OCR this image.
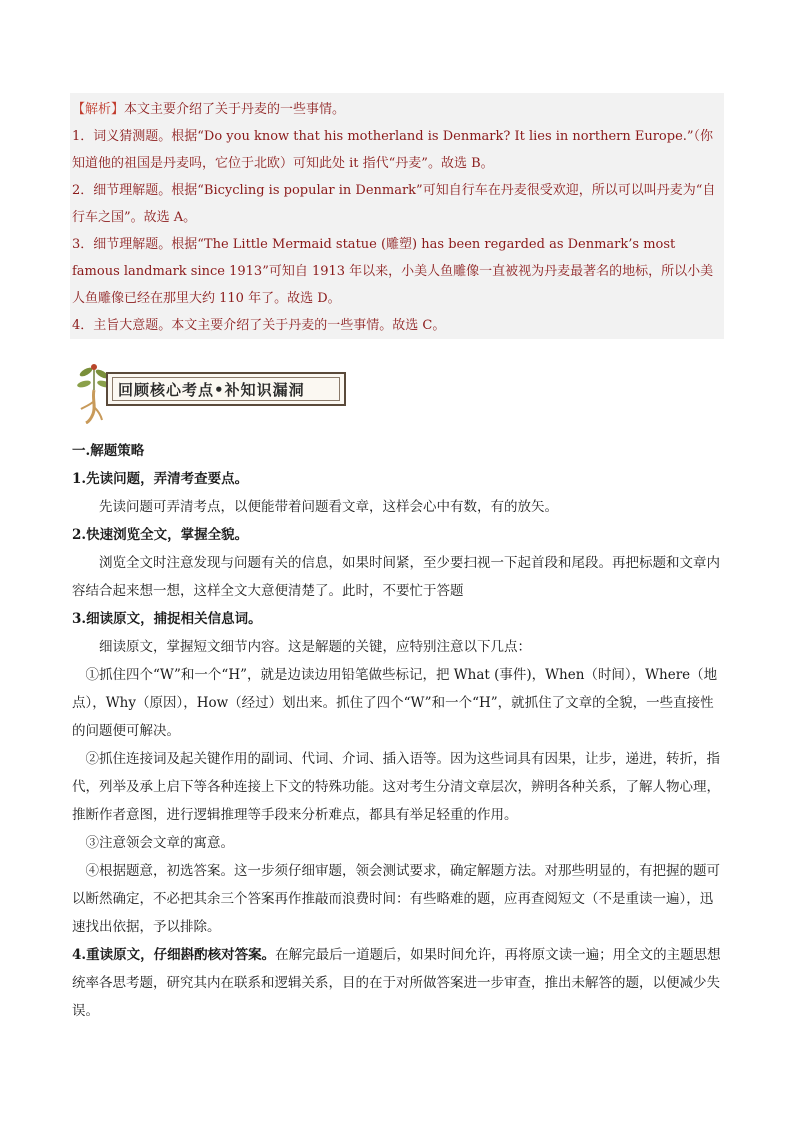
【解析】本文主要介绍了关于丹麦的一些事情。

1．词义猜测题。根据“Do you know that his motherland is Denmark? It lies in northern Europe.”（你知道他的祖国是丹麦吗，它位于北欧）可知此处 it 指代“丹麦”。故选 B。

2．细节理解题。根据“Bicycling is popular in Denmark”可知自行车在丹麦很受欢迎，所以可以叫丹麦为“自行车之国”。故选 A。

3．细节理解题。根据“The Little Mermaid statue (雕塑) has been regarded as Denmark’s most famous landmark since 1913”可知自 1913 年以来，小美人鱼雕像一直被视为丹麦最著名的地标，所以小美人鱼雕像已经在那里大约 110 年了。故选 D。

4．主旨大意题。本文主要介绍了关于丹麦的一些事情。故选 C。

回顾核心考点•补知识漏洞

一.解题策略

1.先读问题，弄清考查要点。

先读问题可弄清考点，以便能带着问题看文章，这样会心中有数，有的放矢。

2.快速浏览全文，掌握全貌。

浏览全文时注意发现与问题有关的信息，如果时间紧，至少要扫视一下起首段和尾段。再把标题和文章内容结合起来想一想，这样全文大意便清楚了。此时，不要忙于答题

3.细读原文，捕捉相关信息词。

细读原文，掌握短文细节内容。这是解题的关键，应特别注意以下几点：

①抓住四个“W”和一个“H”，就是边读边用铅笔做些标记，把 What (事件)，When（时间），Where（地点），Why（原因），How（经过）划出来。抓住了四个“W”和一个“H”，就抓住了文章的全貌，一些直接性的问题便可解决。

②抓住连接词及起关键作用的副词、代词、介词、插入语等。因为这些词具有因果，让步，递进，转折，指代，列举及承上启下等各种连接上下文的特殊功能。这对考生分清文章层次，辨明各种关系，了解人物心理，推断作者意图，进行逻辑推理等手段来分析难点，都具有举足轻重的作用。

③注意领会文章的寓意。

④根据题意，初选答案。这一步须仔细审题，领会测试要求，确定解题方法。对那些明显的，有把握的题可以断然确定，不必把其余三个答案再作推敲而浪费时间：有些略难的题，应再查阅短文（不是重读一遍），迅速找出依据，予以排除。

4.重读原文，仔细斟酌核对答案。在解完最后一道题后，如果时间允许，再将原文读一遍；用全文的主题思想统率各思考题，研究其内在联系和逻辑关系，目的在于对所做答案进一步审查，推出未解答的题，以便减少失误。
